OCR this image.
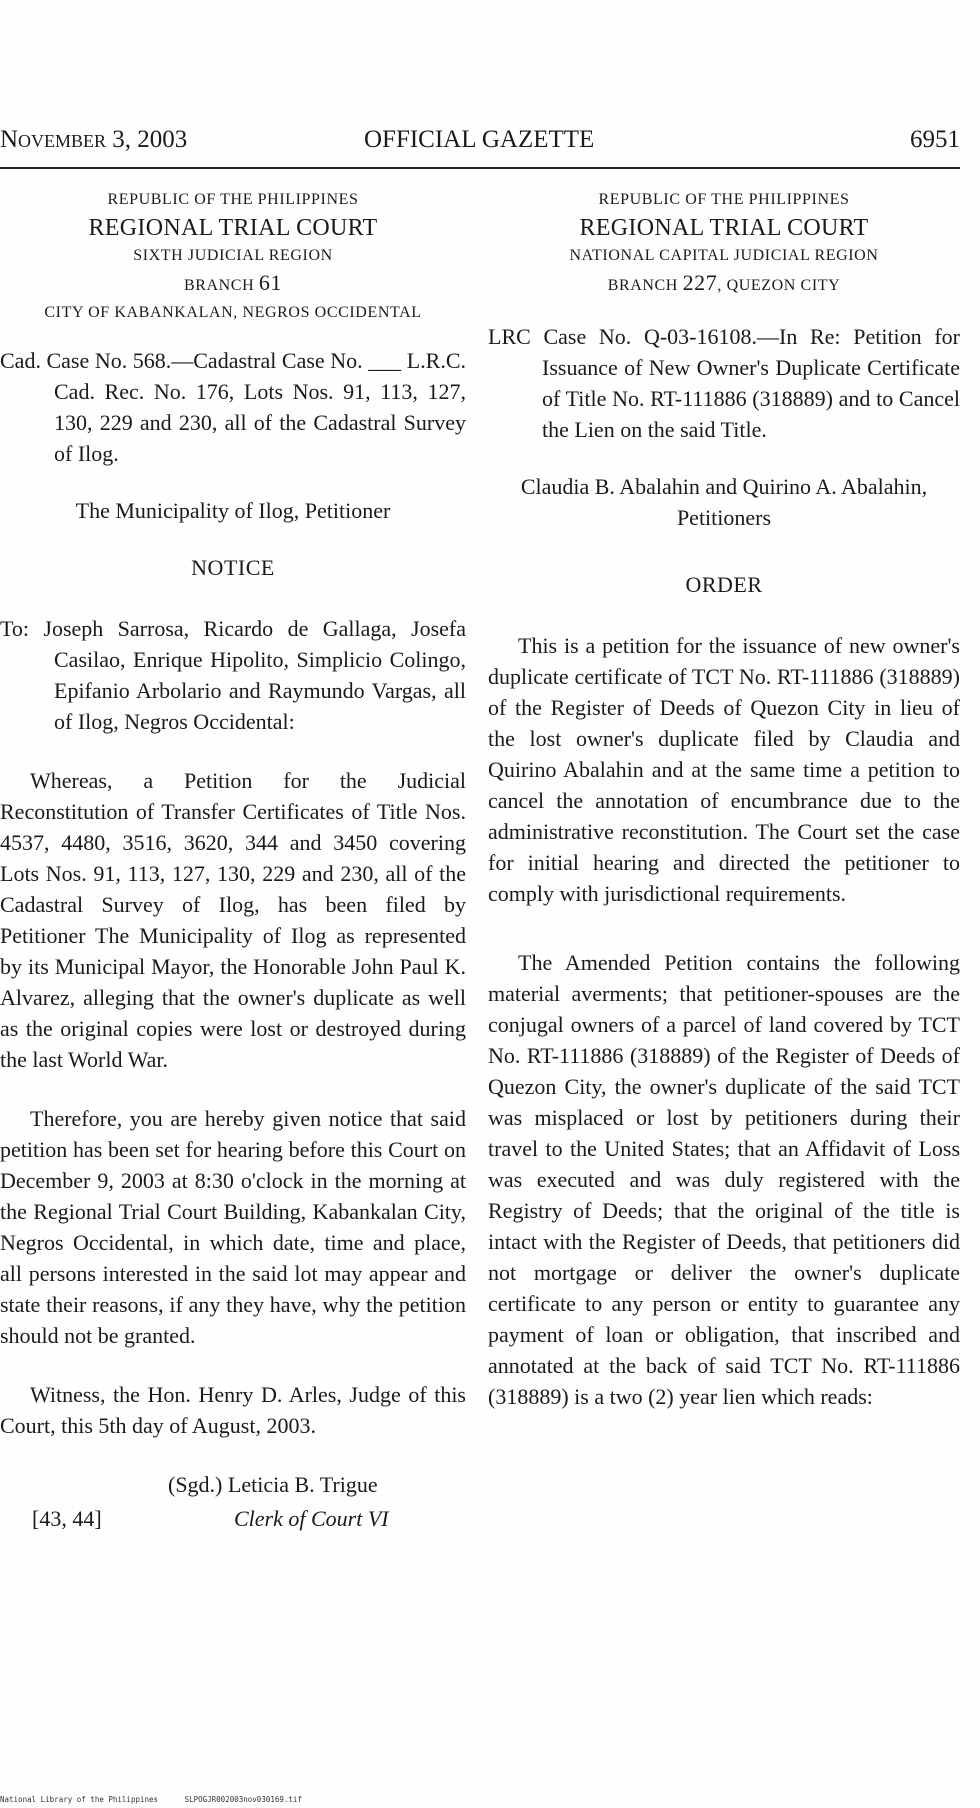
November 3, 2003	OFFICIAL GAZETTE	6951
REPUBLIC OF THE PHILIPPINES
REGIONAL TRIAL COURT
SIXTH JUDICIAL REGION
BRANCH 61
CITY OF KABANKALAN, NEGROS OCCIDENTAL
Cad. Case No. 568.—Cadastral Case No. ___ L.R.C. Cad. Rec. No. 176, Lots Nos. 91, 113, 127, 130, 229 and 230, all of the Cadastral Survey of Ilog.
The Municipality of Ilog, Petitioner
NOTICE
To: Joseph Sarrosa, Ricardo de Gallaga, Josefa Casilao, Enrique Hipolito, Simplicio Colingo, Epifanio Arbolario and Raymundo Vargas, all of Ilog, Negros Occidental:

Whereas, a Petition for the Judicial Reconstitution of Transfer Certificates of Title Nos. 4537, 4480, 3516, 3620, 344 and 3450 covering Lots Nos. 91, 113, 127, 130, 229 and 230, all of the Cadastral Survey of Ilog, has been filed by Petitioner The Municipality of Ilog as represented by its Municipal Mayor, the Honorable John Paul K. Alvarez, alleging that the owner's duplicate as well as the original copies were lost or destroyed during the last World War.

Therefore, you are hereby given notice that said petition has been set for hearing before this Court on December 9, 2003 at 8:30 o'clock in the morning at the Regional Trial Court Building, Kabankalan City, Negros Occidental, in which date, time and place, all persons interested in the said lot may appear and state their reasons, if any they have, why the petition should not be granted.

Witness, the Hon. Henry D. Arles, Judge of this Court, this 5th day of August, 2003.

(Sgd.) Leticia B. Trigue
[43, 44]	Clerk of Court VI
REPUBLIC OF THE PHILIPPINES
REGIONAL TRIAL COURT
NATIONAL CAPITAL JUDICIAL REGION
BRANCH 227, QUEZON CITY
LRC Case No. Q-03-16108.—In Re: Petition for Issuance of New Owner's Duplicate Certificate of Title No. RT-111886 (318889) and to Cancel the Lien on the said Title.
Claudia B. Abalahin and Quirino A. Abalahin, Petitioners
ORDER

This is a petition for the issuance of new owner's duplicate certificate of TCT No. RT-111886 (318889) of the Register of Deeds of Quezon City in lieu of the lost owner's duplicate filed by Claudia and Quirino Abalahin and at the same time a petition to cancel the annotation of encumbrance due to the administrative reconstitution. The Court set the case for initial hearing and directed the petitioner to comply with jurisdictional requirements.

The Amended Petition contains the following material averments; that petitioner-spouses are the conjugal owners of a parcel of land covered by TCT No. RT-111886 (318889) of the Register of Deeds of Quezon City, the owner's duplicate of the said TCT was misplaced or lost by petitioners during their travel to the United States; that an Affidavit of Loss was executed and was duly registered with the Registry of Deeds; that the original of the title is intact with the Register of Deeds, that petitioners did not mortgage or deliver the owner's duplicate certificate to any person or entity to guarantee any payment of loan or obligation, that inscribed and annotated at the back of said TCT No. RT-111886 (318889) is a two (2) year lien which reads:

National Library of the Philippines	SLPOGJR002003nov030169.tif
